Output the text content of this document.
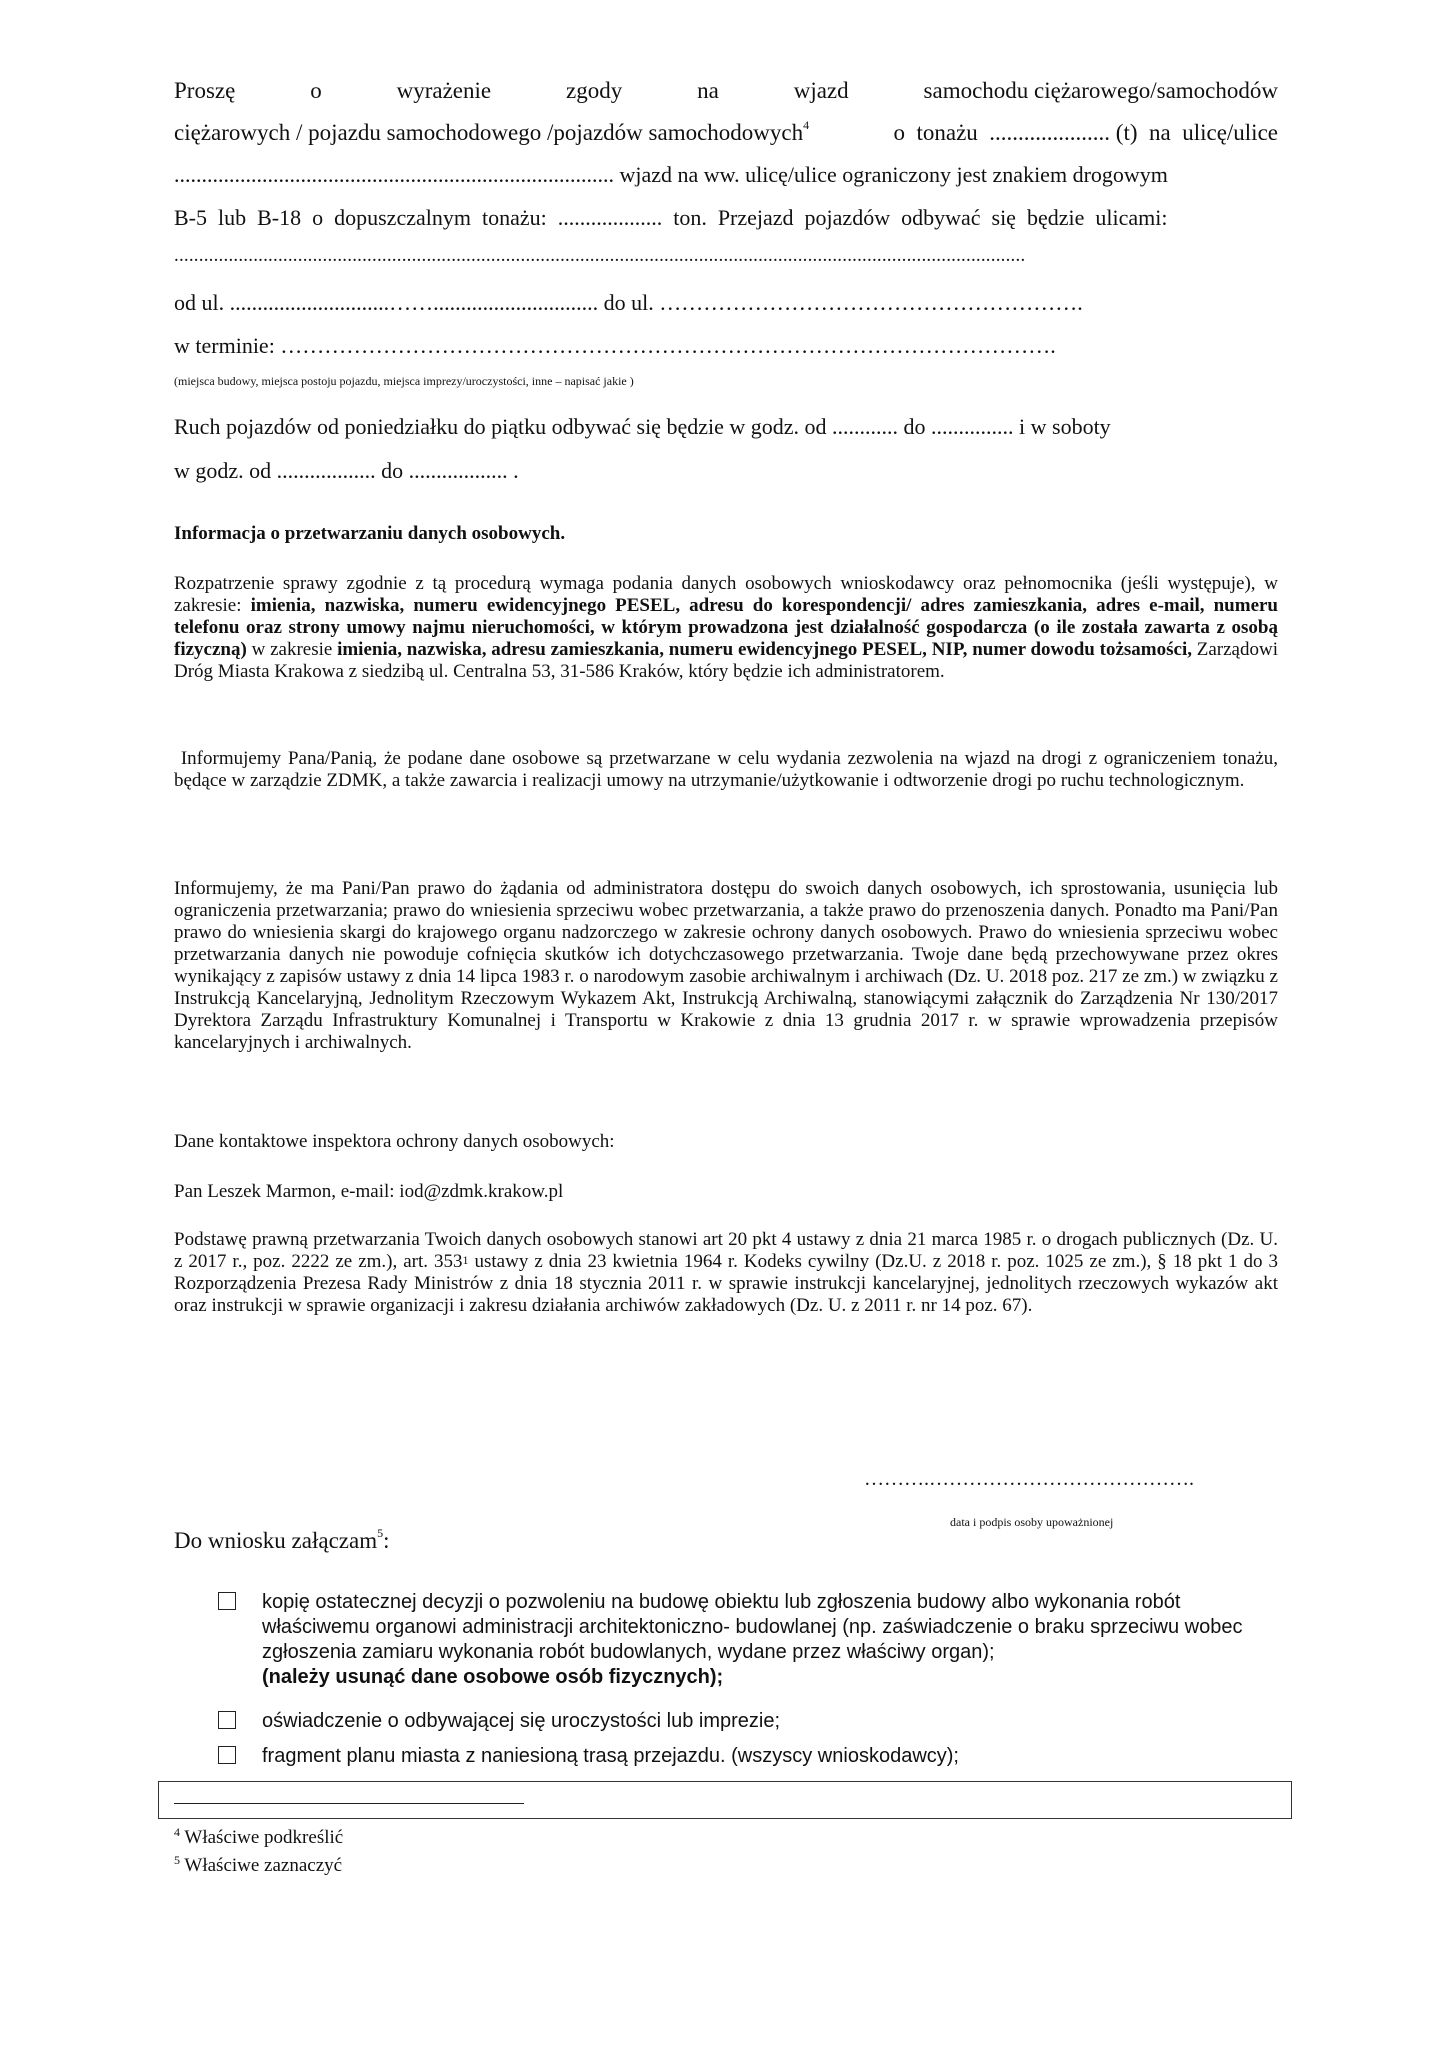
Proszę	o	wyrażenie	zgody	na	wjazd	samochodu ciężarowego/samochodów
ciężarowych / pojazdu samochodowego /pojazdów samochodowych$^4$	o  tonażu  ..................... (t)  na  ulicę/ulice
................................................................................ wjazd na ww. ulicę/ulice ograniczony jest znakiem drogowym
B-5  lub  B-18  o  dopuszczalnym  tonażu:  ...................  ton.  Przejazd  pojazdów  odbywać  się  będzie  ulicami:
............................................................................................................................................................................
od ul. .............................…….............................. do ul. ………………………………………………….
w terminie: …………………………………………………………………………………………….
(miejsca budowy, miejsca postoju pojazdu, miejsca imprezy/uroczystości, inne – napisać jakie )
Ruch pojazdów od poniedziałku do piątku odbywać się będzie w godz. od ............ do ............... i w soboty
w godz. od .................. do .................. .
Informacja o przetwarzaniu danych osobowych.

Rozpatrzenie sprawy zgodnie z tą procedurą wymaga podania danych osobowych wnioskodawcy oraz pełnomocnika (jeśli występuje), w zakresie: imienia, nazwiska, numeru ewidencyjnego PESEL, adresu do korespondencji/ adres zamieszkania, adres e-mail, numeru telefonu oraz strony umowy najmu nieruchomości, w którym prowadzona jest działalność gospodarcza (o ile została zawarta z osobą fizyczną) w zakresie imienia, nazwiska, adresu zamieszkania, numeru ewidencyjnego PESEL, NIP, numer dowodu tożsamości, Zarządowi Dróg Miasta Krakowa z siedzibą ul. Centralna 53, 31-586 Kraków, który będzie ich administratorem.

Informujemy Pana/Panią, że podane dane osobowe są przetwarzane w celu wydania zezwolenia na wjazd na drogi z ograniczeniem tonażu, będące w zarządzie ZDMK, a także zawarcia i realizacji umowy na utrzymanie/użytkowanie i odtworzenie drogi po ruchu technologicznym.

Informujemy, że ma Pani/Pan prawo do żądania od administratora dostępu do swoich danych osobowych, ich sprostowania, usunięcia lub ograniczenia przetwarzania; prawo do wniesienia sprzeciwu wobec przetwarzania, a także prawo do przenoszenia danych. Ponadto ma Pani/Pan prawo do wniesienia skargi do krajowego organu nadzorczego w zakresie ochrony danych osobowych. Prawo do wniesienia sprzeciwu wobec przetwarzania danych nie powoduje cofnięcia skutków ich dotychczasowego przetwarzania. Twoje dane będą przechowywane przez okres wynikający z zapisów ustawy z dnia 14 lipca 1983 r. o narodowym zasobie archiwalnym i archiwach (Dz. U. 2018 poz. 217 ze zm.) w związku z Instrukcją Kancelaryjną, Jednolitym Rzeczowym Wykazem Akt, Instrukcją Archiwalną, stanowiącymi załącznik do Zarządzenia Nr 130/2017 Dyrektora Zarządu Infrastruktury Komunalnej i Transportu w Krakowie z dnia 13 grudnia 2017 r. w sprawie wprowadzenia przepisów kancelaryjnych i archiwalnych.

Dane kontaktowe inspektora ochrony danych osobowych:
Pan Leszek Marmon, e-mail: iod@zdmk.krakow.pl

Podstawę prawną przetwarzania Twoich danych osobowych stanowi art 20 pkt 4 ustawy z dnia 21 marca 1985 r. o drogach publicznych (Dz. U. z 2017 r., poz. 2222 ze zm.), art. $353^1$ ustawy z dnia 23 kwietnia 1964 r. Kodeks cywilny (Dz.U. z 2018 r. poz. 1025 ze zm.), § 18 pkt 1 do 3 Rozporządzenia Prezesa Rady Ministrów z dnia 18 stycznia 2011 r. w sprawie instrukcji kancelaryjnej, jednolitych rzeczowych wykazów akt oraz instrukcji w sprawie organizacji i zakresu działania archiwów zakładowych (Dz. U. z 2011 r. nr 14 poz. 67).

……….………………………………….
data i podpis osoby upoważnionej
Do wniosku załączam$^5$:
kopię ostatecznej decyzji o pozwoleniu na budowę obiektu lub zgłoszenia budowy albo wykonania robót właściwemu organowi administracji architektoniczno- budowlanej (np. zaświadczenie o braku sprzeciwu wobec zgłoszenia zamiaru wykonania robót budowlanych, wydane przez właściwy organ);
(należy usunąć dane osobowe osób fizycznych);
oświadczenie o odbywającej się uroczystości lub imprezie;
fragment planu miasta z naniesioną trasą przejazdu. (wszyscy wnioskodawcy);
$^4$ Właściwe podkreślić
$^5$ Właściwe zaznaczyć
